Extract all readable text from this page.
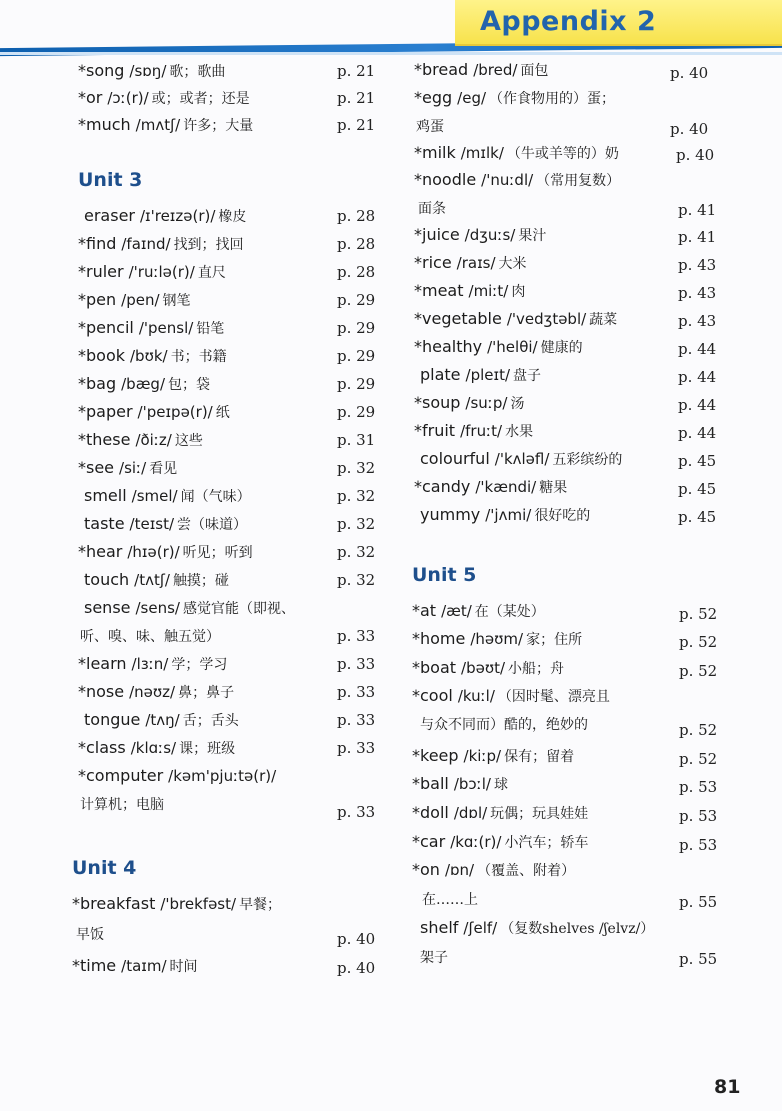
Appendix 2
*song /sɒŋ/ 歌；歌曲	p. 21
*or /ɔː(r)/ 或；或者；还是	p. 21
*much /mʌtʃ/ 许多；大量	p. 21
Unit 3
eraser /ɪ'reɪzə(r)/ 橡皮	p. 28
*find /faɪnd/ 找到；找回	p. 28
*ruler /'ruːlə(r)/ 直尺	p. 28
*pen /pen/ 钢笔	p. 29
*pencil /'pensl/ 铅笔	p. 29
*book /bʊk/ 书；书籍	p. 29
*bag /bæg/ 包；袋	p. 29
*paper /'peɪpə(r)/ 纸	p. 29
*these /ðiːz/ 这些	p. 31
*see /siː/ 看见	p. 32
smell /smel/ 闻（气味）	p. 32
taste /teɪst/ 尝（味道）	p. 32
*hear /hɪə(r)/ 听见；听到	p. 32
touch /tʌtʃ/ 触摸；碰	p. 32
sense /sens/ 感觉官能（即视、
听、嗅、味、触五觉）	p. 33
*learn /lɜːn/ 学；学习	p. 33
*nose /nəʊz/ 鼻；鼻子	p. 33
tongue /tʌŋ/ 舌；舌头	p. 33
*class /klɑːs/ 课；班级	p. 33
*computer /kəm'pjuːtə(r)/
计算机；电脑	p. 33
Unit 4
*breakfast /'brekfəst/ 早餐；
早饭	p. 40
*time /taɪm/ 时间	p. 40
*bread /bred/ 面包	p. 40
*egg /eg/ （作食物用的）蛋；
鸡蛋	p. 40
*milk /mɪlk/ （牛或羊等的）奶	p. 40
*noodle /'nuːdl/ （常用复数）
面条	p. 41
*juice /dʒuːs/ 果汁	p. 41
*rice /raɪs/ 大米	p. 43
*meat /miːt/ 肉	p. 43
*vegetable /'vedʒtəbl/ 蔬菜	p. 43
*healthy /'helθi/ 健康的	p. 44
plate /pleɪt/ 盘子	p. 44
*soup /suːp/ 汤	p. 44
*fruit /fruːt/ 水果	p. 44
colourful /'kʌləfl/ 五彩缤纷的	p. 45
*candy /'kændi/ 糖果	p. 45
yummy /'jʌmi/ 很好吃的	p. 45
Unit 5
*at /æt/ 在（某处）	p. 52
*home /həʊm/ 家；住所	p. 52
*boat /bəʊt/ 小船；舟	p. 52
*cool /kuːl/ （因时髦、漂亮且
与众不同而）酷的，绝妙的	p. 52
*keep /kiːp/ 保有；留着	p. 52
*ball /bɔːl/ 球	p. 53
*doll /dɒl/ 玩偶；玩具娃娃	p. 53
*car /kɑː(r)/ 小汽车；轿车	p. 53
*on /ɒn/ （覆盖、附着）
在……上	p. 55
shelf /ʃelf/ （复数shelves /ʃelvz/）
架子	p. 55
81
